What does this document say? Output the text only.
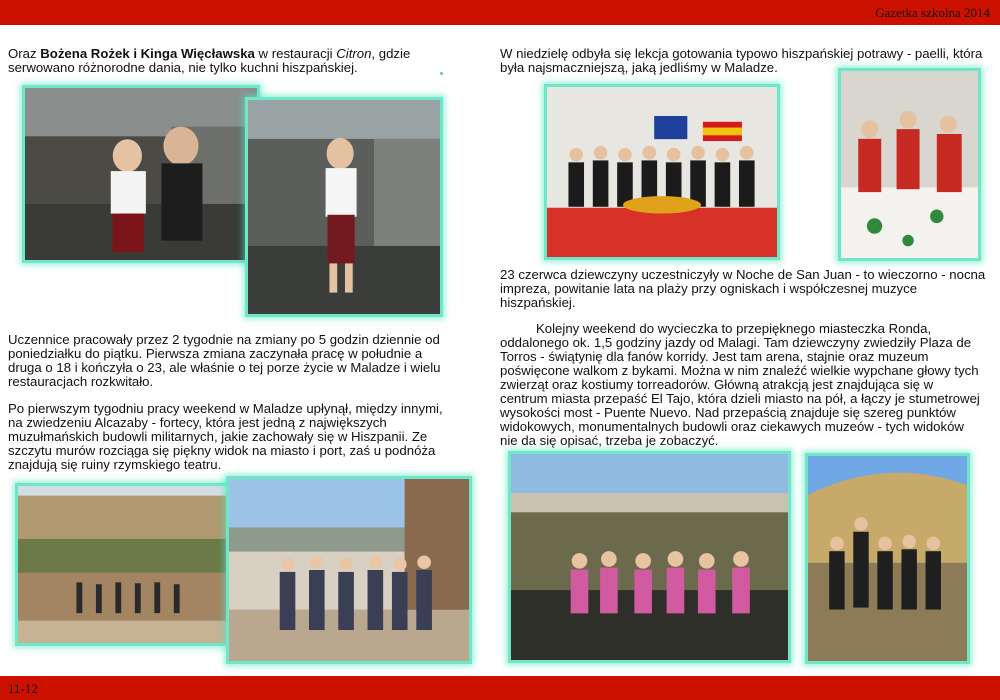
Gazetka szkolna 2014
Oraz Bożena Rożek i Kinga Więcławska w restauracji Citron, gdzie serwowano różnorodne dania, nie tylko kuchni hiszpańskiej.

Uczennice pracowały przez 2 tygodnie na zmiany po 5 godzin dziennie od poniedziałku do piątku. Pierwsza zmiana zaczynała pracę w południe a druga o 18 i kończyła o 23, ale właśnie o tej porze życie w Maladze i wielu restauracjach rozkwitało.

Po pierwszym tygodniu pracy weekend w Maladze upłynął, między innymi, na zwiedzeniu Alcazaby - fortecy, która jest jedną z największych muzułmańskich budowli militarnych, jakie zachowały się w Hiszpanii. Ze szczytu murów rozciąga się piękny widok na miasto i port, zaś u podnóża znajdują się ruiny rzymskiego teatru.

W niedzielę odbyła się lekcja gotowania typowo hiszpańskiej potrawy - paelli, która była najsmaczniejszą, jaką jedliśmy w Maladze.

23 czerwca dziewczyny uczestniczyły w Noche de San Juan - to wieczorno - nocna impreza, powitanie lata na plaży przy ogniskach i współczesnej muzyce hiszpańskiej.

Kolejny weekend do wycieczka to przepięknego miasteczka Ronda, oddalonego ok. 1,5 godziny jazdy od Malagi. Tam dziewczyny zwiedziły Plaza de Torros - świątynię dla fanów korridy. Jest tam arena, stajnie oraz muzeum poświęcone walkom z bykami. Można w nim znaleźć wielkie wypchane głowy tych zwierząt oraz kostiumy torreadorów. Główną atrakcją jest znajdująca się w centrum miasta przepaść El Tajo, która dzieli miasto na pół, a łączy je stumetrowej wysokości most - Puente Nuevo. Nad przepaścią znajduje się szereg punktów widokowych, monumentalnych budowli oraz ciekawych muzeów - tych widoków nie da się opisać, trzeba je zobaczyć.

11-12
